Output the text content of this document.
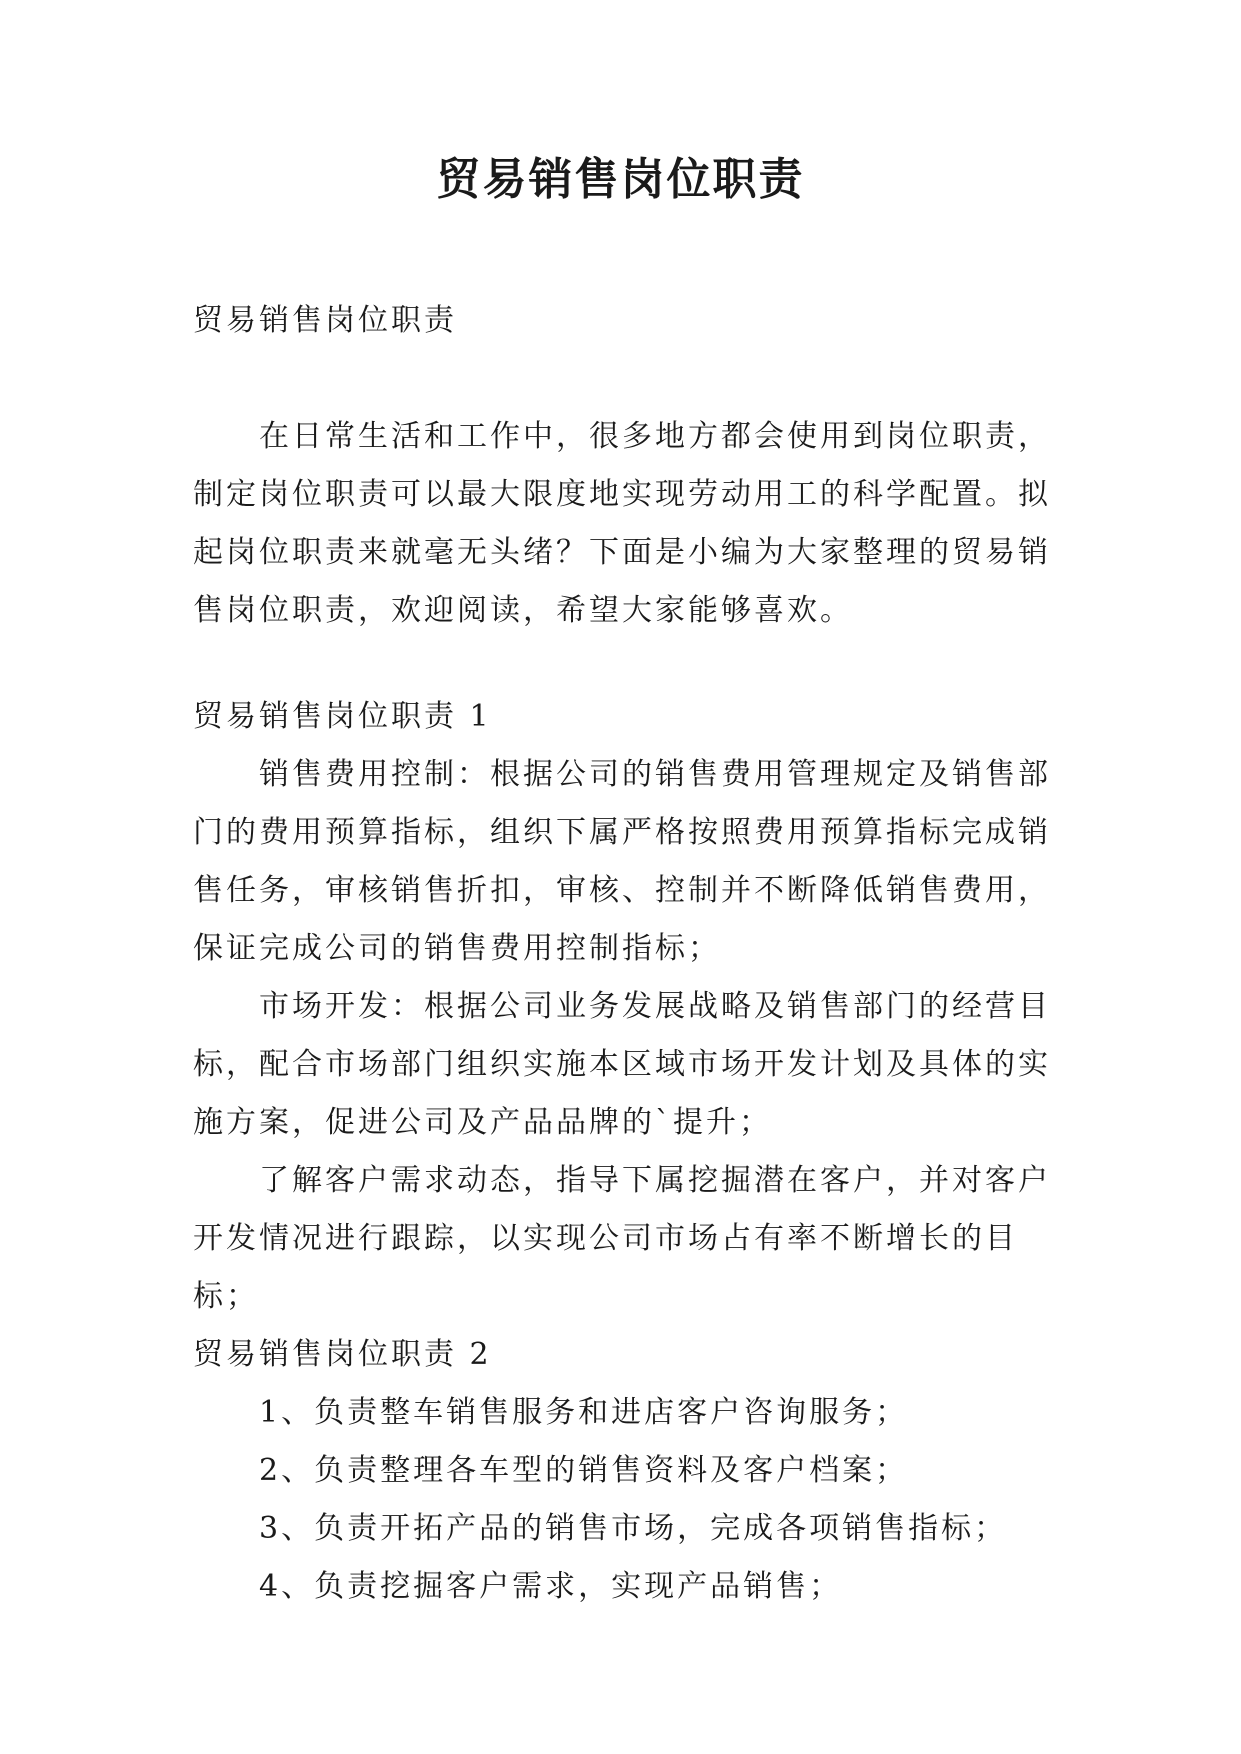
贸易销售岗位职责

贸易销售岗位职责

在日常生活和工作中，很多地方都会使用到岗位职责，制定岗位职责可以最大限度地实现劳动用工的科学配置。拟起岗位职责来就毫无头绪？下面是小编为大家整理的贸易销售岗位职责，欢迎阅读，希望大家能够喜欢。

贸易销售岗位职责 1

销售费用控制：根据公司的销售费用管理规定及销售部门的费用预算指标，组织下属严格按照费用预算指标完成销售任务，审核销售折扣，审核、控制并不断降低销售费用，保证完成公司的销售费用控制指标；

市场开发：根据公司业务发展战略及销售部门的经营目标，配合市场部门组织实施本区域市场开发计划及具体的实施方案，促进公司及产品品牌的`提升；

了解客户需求动态，指导下属挖掘潜在客户，并对客户开发情况进行跟踪，以实现公司市场占有率不断增长的目标；

贸易销售岗位职责 2

1、负责整车销售服务和进店客户咨询服务；

2、负责整理各车型的销售资料及客户档案；

3、负责开拓产品的销售市场，完成各项销售指标；

4、负责挖掘客户需求，实现产品销售；
